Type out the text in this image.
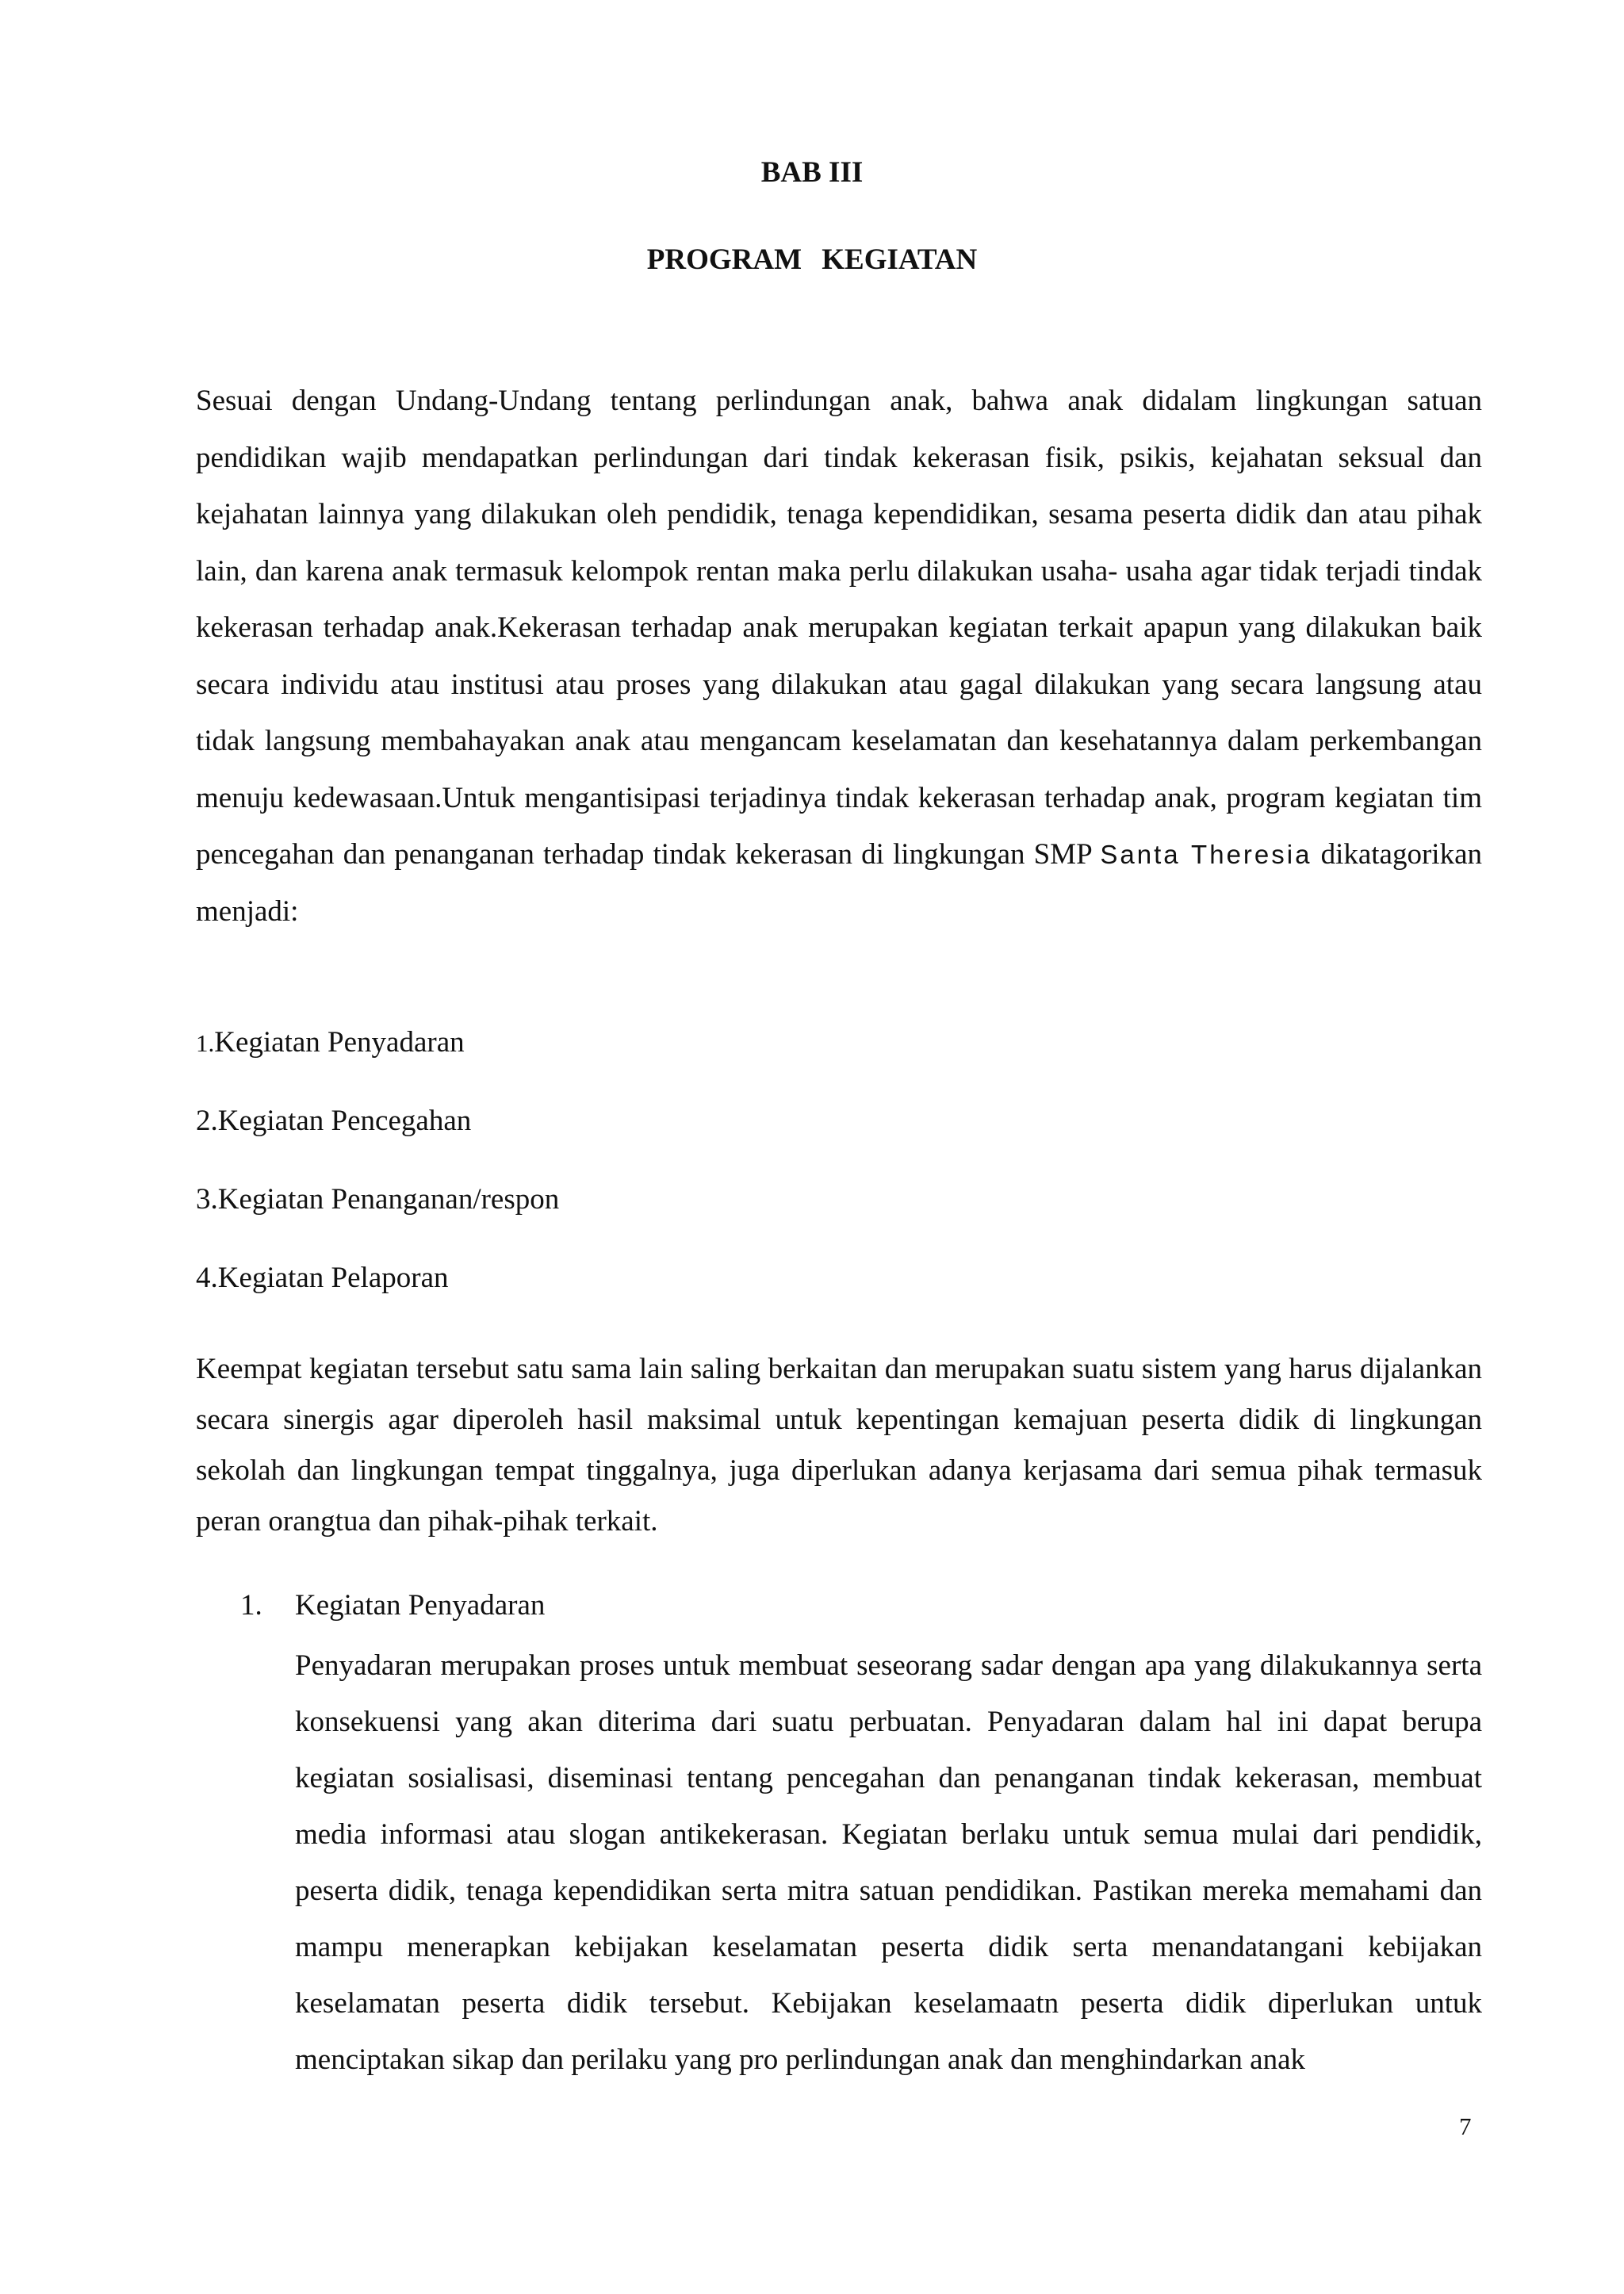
BAB III
PROGRAM KEGIATAN

Sesuai dengan Undang-Undang tentang perlindungan anak, bahwa anak didalam lingkungan satuan pendidikan wajib mendapatkan perlindungan dari tindak kekerasan fisik, psikis, kejahatan seksual dan kejahatan lainnya yang dilakukan oleh pendidik, tenaga kependidikan, sesama peserta didik dan atau pihak lain, dan karena anak termasuk kelompok rentan maka perlu dilakukan usaha- usaha agar tidak terjadi tindak kekerasan terhadap anak.Kekerasan terhadap anak merupakan kegiatan terkait apapun yang dilakukan baik secara individu atau institusi atau proses yang dilakukan atau gagal dilakukan yang secara langsung atau tidak langsung membahayakan anak atau mengancam keselamatan dan kesehatannya dalam perkembangan menuju kedewasaan.Untuk mengantisipasi terjadinya tindak kekerasan terhadap anak, program kegiatan tim pencegahan dan penanganan terhadap tindak kekerasan di lingkungan SMP Santa Theresia dikatagorikan menjadi:

1.Kegiatan Penyadaran

2.Kegiatan Pencegahan

3.Kegiatan Penanganan/respon

4.Kegiatan Pelaporan

Keempat kegiatan tersebut satu sama lain saling berkaitan dan merupakan suatu sistem yang harus dijalankan secara sinergis agar diperoleh hasil maksimal untuk kepentingan kemajuan peserta didik di lingkungan sekolah dan lingkungan tempat tinggalnya, juga diperlukan adanya kerjasama dari semua pihak termasuk peran orangtua dan pihak-pihak terkait.

1. Kegiatan Penyadaran

Penyadaran merupakan proses untuk membuat seseorang sadar dengan apa yang dilakukannya serta konsekuensi yang akan diterima dari suatu perbuatan. Penyadaran dalam hal ini dapat berupa kegiatan sosialisasi, diseminasi tentang pencegahan dan penanganan tindak kekerasan, membuat media informasi atau slogan antikekerasan. Kegiatan berlaku untuk semua mulai dari pendidik, peserta didik, tenaga kependidikan serta mitra satuan pendidikan. Pastikan mereka memahami dan mampu menerapkan kebijakan keselamatan peserta didik serta menandatangani kebijakan keselamatan peserta didik tersebut. Kebijakan keselamaatn peserta didik diperlukan untuk menciptakan sikap dan perilaku yang pro perlindungan anak dan menghindarkan anak

7
